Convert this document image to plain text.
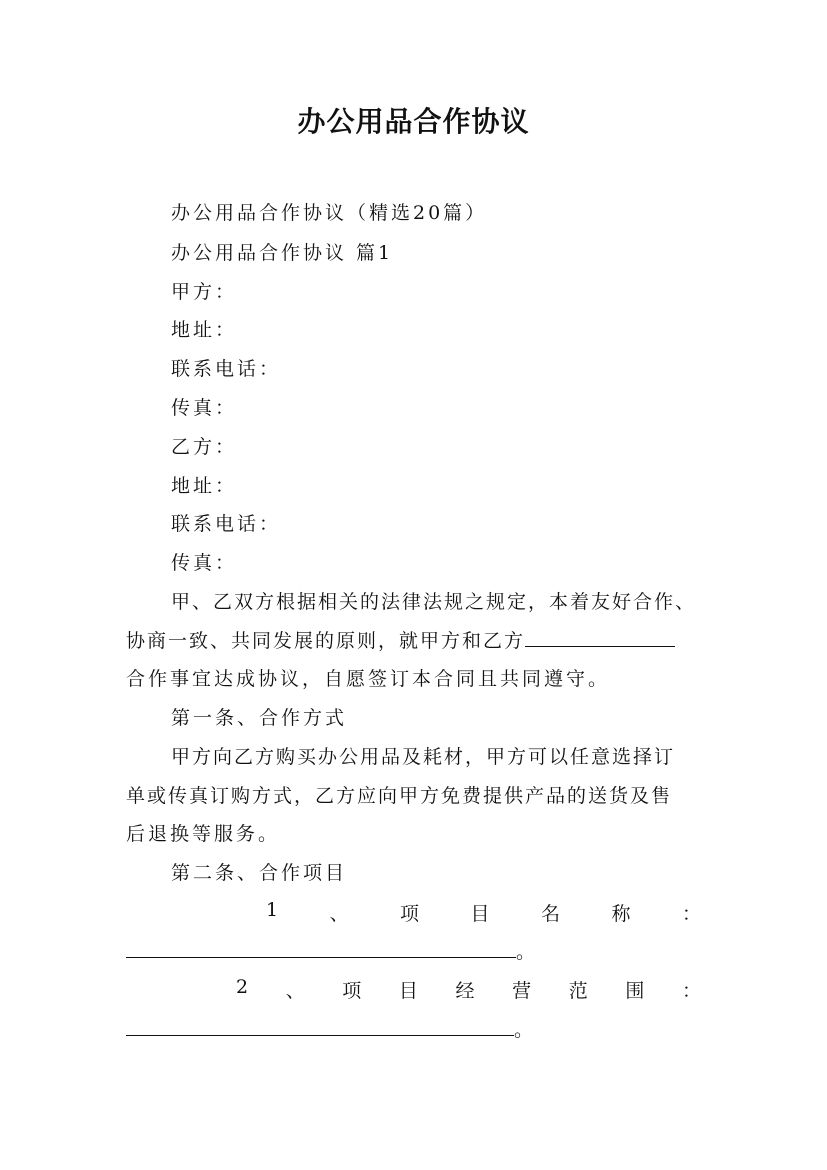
办公用品合作协议
办公用品合作协议（精选20篇）
办公用品合作协议 篇1
甲方：
地址：
联系电话：
传真：
乙方：
地址：
联系电话：
传真：
甲、乙双方根据相关的法律法规之规定，本着友好合作、
协商一致、共同发展的原则，就甲方和乙方
合作事宜达成协议，自愿签订本合同且共同遵守。
第一条、合作方式
甲方向乙方购买办公用品及耗材，甲方可以任意选择订
单或传真订购方式，乙方应向甲方免费提供产品的送货及售
后退换等服务。
第二条、合作项目
1	、	项	目	名	称	：
。
2 、 项 目 经 营 范 围 ：
。
